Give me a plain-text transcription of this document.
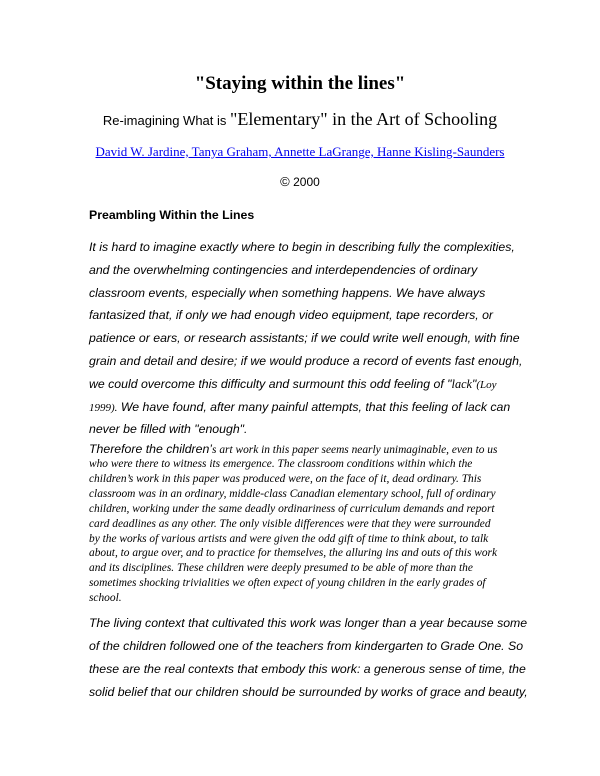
"Staying within the lines"
Re-imagining What is "Elementary" in the Art of Schooling
David W. Jardine, Tanya Graham, Annette LaGrange, Hanne Kisling-Saunders
© 2000
Preambling Within the Lines
It is hard to imagine exactly where to begin in describing fully the complexities,
and the overwhelming contingencies and interdependencies of ordinary
classroom events, especially when something happens. We have always
fantasized that, if only we had enough video equipment, tape recorders, or
patience or ears, or research assistants; if we could write well enough, with fine
grain and detail and desire; if we would produce a record of events fast enough,
we could overcome this difficulty and surmount this odd feeling of "lack"(Loy
1999). We have found, after many painful attempts, that this feeling of lack can
never be filled with "enough".
Therefore the children’s art work in this paper seems nearly unimaginable, even to us
who were there to witness its emergence. The classroom conditions within which the
children’s work in this paper was produced were, on the face of it, dead ordinary. This
classroom was in an ordinary, middle-class Canadian elementary school, full of ordinary
children, working under the same deadly ordinariness of curriculum demands and report
card deadlines as any other. The only visible differences were that they were surrounded
by the works of various artists and were given the odd gift of time to think about, to talk
about, to argue over, and to practice for themselves, the alluring ins and outs of this work
and its disciplines. These children were deeply presumed to be able of more than the
sometimes shocking trivialities we often expect of young children in the early grades of
school.
The living context that cultivated this work was longer than a year because some
of the children followed one of the teachers from kindergarten to Grade One. So
these are the real contexts that embody this work: a generous sense of time, the
solid belief that our children should be surrounded by works of grace and beauty,
